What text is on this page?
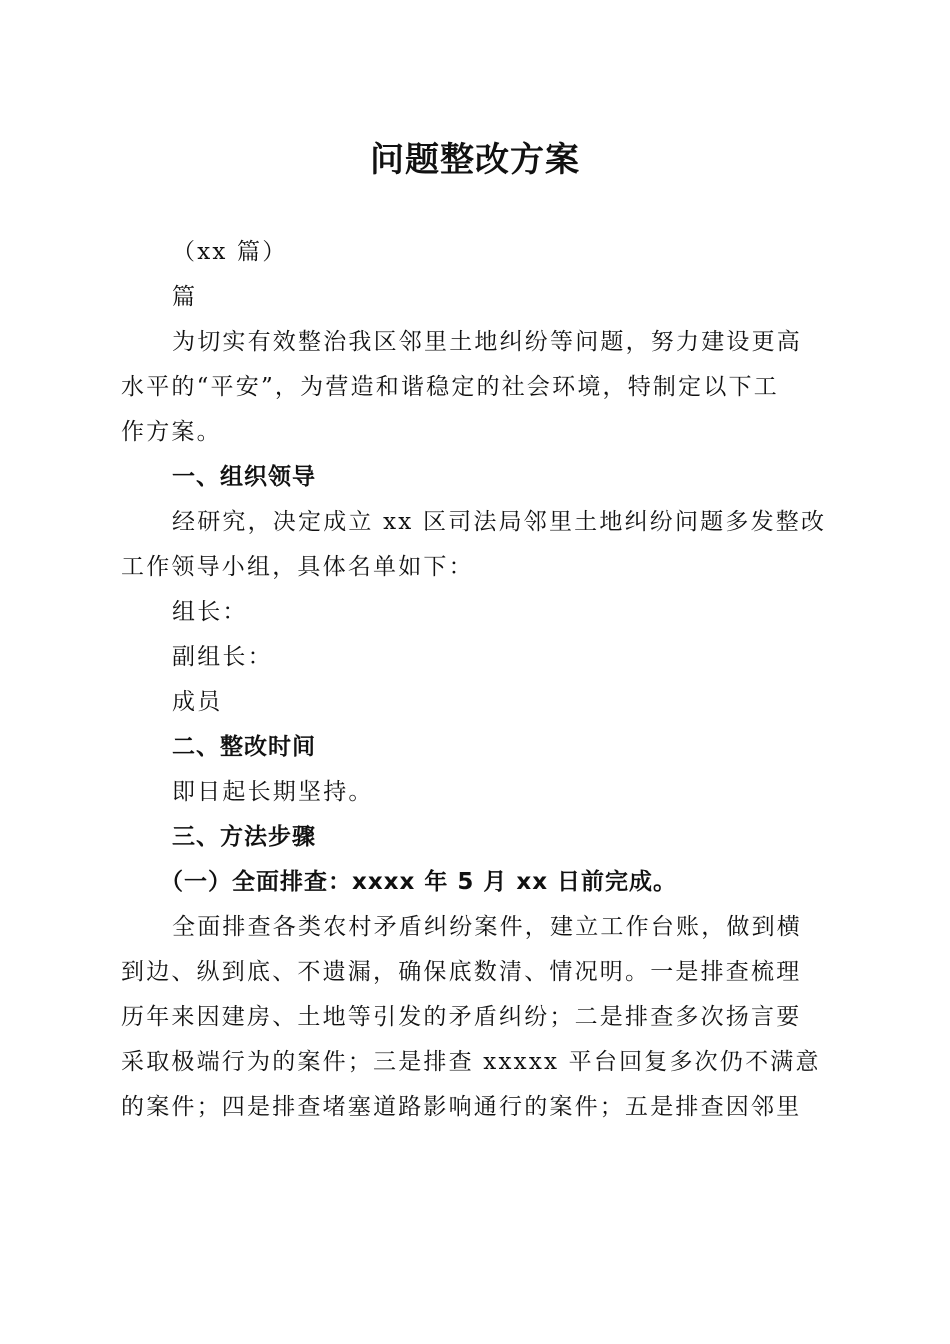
问题整改方案
（xx 篇）
篇
为切实有效整治我区邻里土地纠纷等问题，努力建设更高
水平的“平安”，为营造和谐稳定的社会环境，特制定以下工
作方案。
一、组织领导
经研究，决定成立 xx 区司法局邻里土地纠纷问题多发整改
工作领导小组，具体名单如下：
组长：
副组长：
成员
二、整改时间
即日起长期坚持。
三、方法步骤
（一）全面排查：xxxx 年 5 月 xx 日前完成。
全面排查各类农村矛盾纠纷案件，建立工作台账，做到横
到边、纵到底、不遗漏，确保底数清、情况明。一是排查梳理
历年来因建房、土地等引发的矛盾纠纷；二是排查多次扬言要
采取极端行为的案件；三是排查 xxxxx 平台回复多次仍不满意
的案件；四是排查堵塞道路影响通行的案件；五是排查因邻里
